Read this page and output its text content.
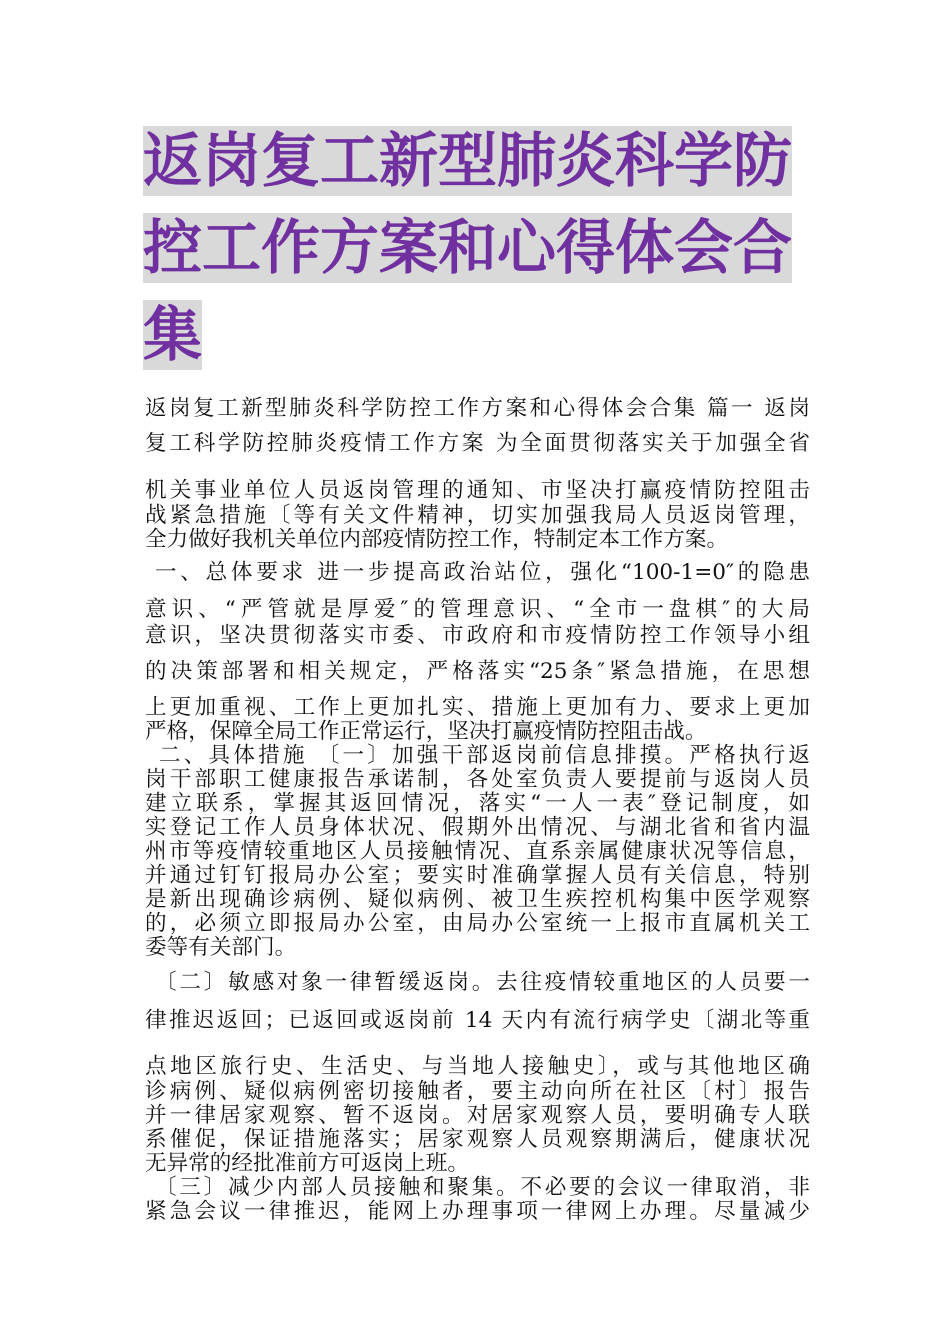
返岗复工新型肺炎科学防
控工作方案和心得体会合
集
返岗复工新型肺炎科学防控工作方案和心得体会合集 篇一 返岗
复工科学防控肺炎疫情工作方案 为全面贯彻落实关于加强全省
机关事业单位人员返岗管理的通知、市坚决打赢疫情防控阻击
战紧急措施〔等有关文件精神，切实加强我局人员返岗管理，
全力做好我机关单位内部疫情防控工作，特制定本工作方案。
一、总体要求 进一步提高政治站位，强化“100-1=0″的隐患
意识、“严管就是厚爱″的管理意识、“全市一盘棋″的大局
意识，坚决贯彻落实市委、市政府和市疫情防控工作领导小组
的决策部署和相关规定，严格落实“25条″紧急措施，在思想
上更加重视、工作上更加扎实、措施上更加有力、要求上更加
严格，保障全局工作正常运行，坚决打赢疫情防控阻击战。
二、具体措施 〔一〕加强干部返岗前信息排摸。严格执行返
岗干部职工健康报告承诺制，各处室负责人要提前与返岗人员
建立联系，掌握其返回情况，落实“一人一表″登记制度，如
实登记工作人员身体状况、假期外出情况、与湖北省和省内温
州市等疫情较重地区人员接触情况、直系亲属健康状况等信息，
并通过钉钉报局办公室；要实时准确掌握人员有关信息，特别
是新出现确诊病例、疑似病例、被卫生疾控机构集中医学观察
的，必须立即报局办公室，由局办公室统一上报市直属机关工
委等有关部门。
〔二〕敏感对象一律暂缓返岗。去往疫情较重地区的人员要一
律推迟返回；已返回或返岗前 14 天内有流行病学史〔湖北等重
点地区旅行史、生活史、与当地人接触史〕，或与其他地区确
诊病例、疑似病例密切接触者，要主动向所在社区〔村〕报告
并一律居家观察、暂不返岗。对居家观察人员，要明确专人联
系催促，保证措施落实；居家观察人员观察期满后，健康状况
无异常的经批准前方可返岗上班。
〔三〕减少内部人员接触和聚集。不必要的会议一律取消，非
紧急会议一律推迟，能网上办理事项一律网上办理。尽量减少
